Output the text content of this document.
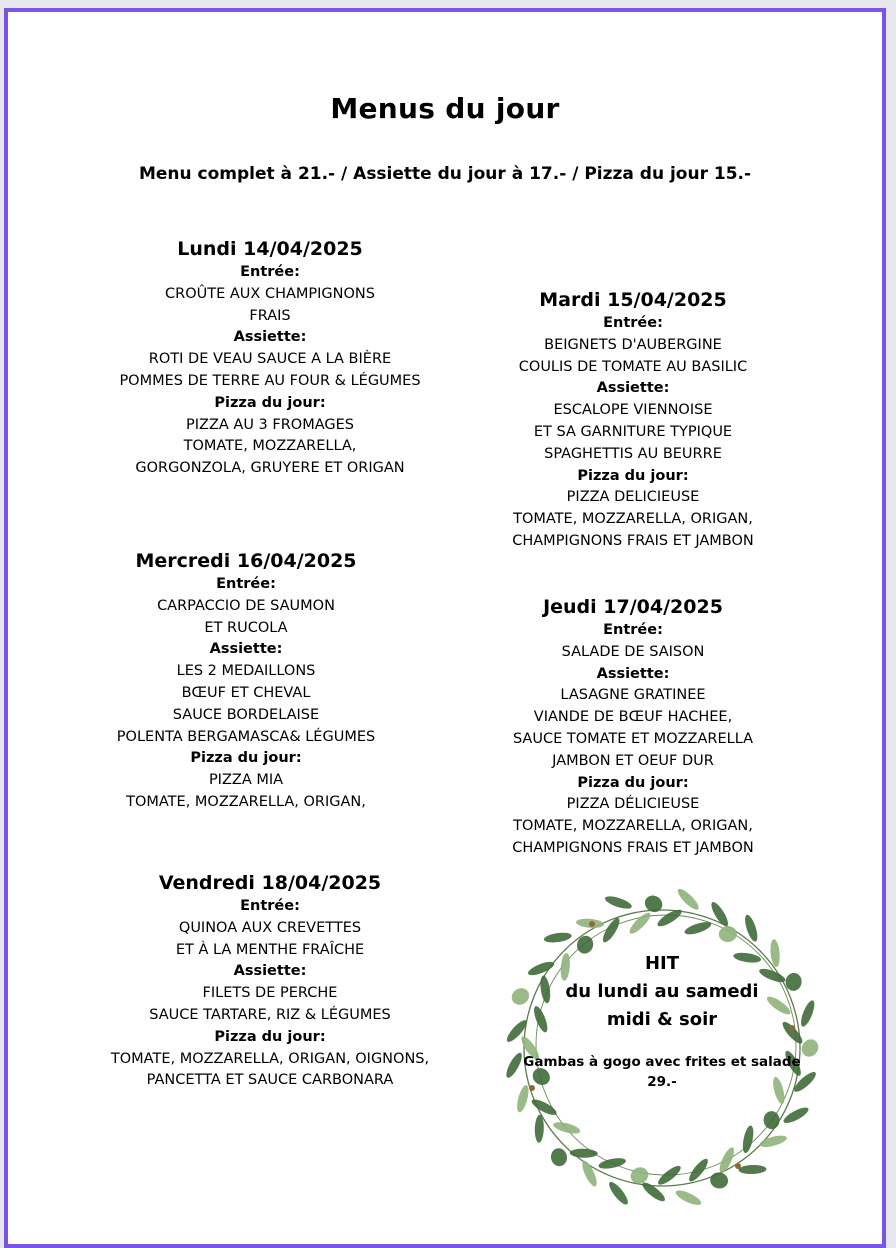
Menus du jour
Menu complet à 21.- / Assiette du jour à 17.- / Pizza du jour 15.-
Lundi 14/04/2025
Entrée:
CROÛTE AUX CHAMPIGNONS
FRAIS
Assiette:
ROTI DE VEAU SAUCE A LA BIÈRE
POMMES DE TERRE AU FOUR & LÉGUMES
Pizza du jour:
PIZZA AU 3 FROMAGES
TOMATE, MOZZARELLA,
GORGONZOLA, GRUYERE ET ORIGAN
Mardi 15/04/2025
Entrée:
BEIGNETS D'AUBERGINE
COULIS DE TOMATE AU BASILIC
Assiette:
ESCALOPE VIENNOISE
ET SA GARNITURE TYPIQUE
SPAGHETTIS AU BEURRE
Pizza du jour:
PIZZA DELICIEUSE
TOMATE, MOZZARELLA, ORIGAN,
CHAMPIGNONS FRAIS ET JAMBON
Mercredi 16/04/2025
Entrée:
CARPACCIO DE SAUMON
ET RUCOLA
Assiette:
LES 2 MEDAILLONS
BŒUF ET CHEVAL
SAUCE BORDELAISE
POLENTA BERGAMASCA& LÉGUMES
Pizza du jour:
PIZZA MIA
TOMATE, MOZZARELLA, ORIGAN,
Jeudi 17/04/2025
Entrée:
SALADE DE SAISON
Assiette:
LASAGNE GRATINEE
VIANDE DE BŒUF HACHEE,
SAUCE TOMATE ET MOZZARELLA
JAMBON ET OEUF DUR
Pizza du jour:
PIZZA DÉLICIEUSE
TOMATE, MOZZARELLA, ORIGAN,
CHAMPIGNONS FRAIS ET JAMBON
Vendredi 18/04/2025
Entrée:
QUINOA AUX CREVETTES
ET À LA MENTHE FRAÎCHE
Assiette:
FILETS DE PERCHE
SAUCE TARTARE, RIZ & LÉGUMES
Pizza du jour:
TOMATE, MOZZARELLA, ORIGAN, OIGNONS,
PANCETTA ET SAUCE CARBONARA
HIT
du lundi au samedi
midi & soir
Gambas à gogo avec frites et salade
29.-
